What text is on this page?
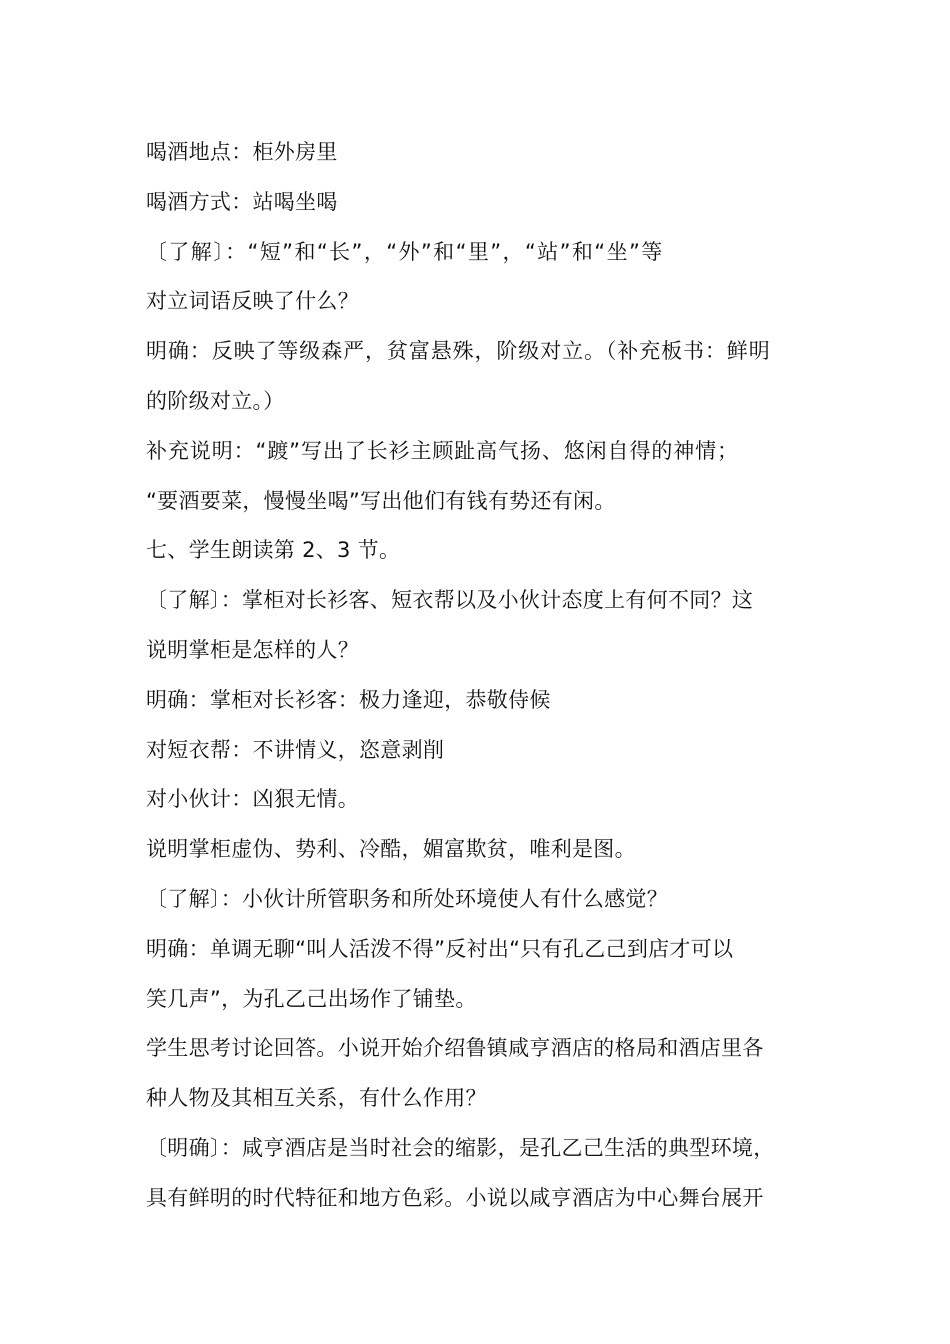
喝酒地点：柜外房里
喝酒方式：站喝坐喝
〔了解〕：“短”和“长”，“外”和“里”，“站”和“坐”等
对立词语反映了什么？
明确：反映了等级森严，贫富悬殊，阶级对立。（补充板书：鲜明
的阶级对立。）
补充说明：“踱”写出了长衫主顾趾高气扬、悠闲自得的神情；
“要酒要菜，慢慢坐喝”写出他们有钱有势还有闲。
七、学生朗读第 2、3 节。
〔了解〕：掌柜对长衫客、短衣帮以及小伙计态度上有何不同？这
说明掌柜是怎样的人？
明确：掌柜对长衫客：极力逢迎，恭敬侍候
对短衣帮：不讲情义，恣意剥削
对小伙计：凶狠无情。
说明掌柜虚伪、势利、冷酷，媚富欺贫，唯利是图。
〔了解〕：小伙计所管职务和所处环境使人有什么感觉？
明确：单调无聊“叫人活泼不得”反衬出“只有孔乙己到店才可以
笑几声”，为孔乙己出场作了铺垫。
学生思考讨论回答。小说开始介绍鲁镇咸亨酒店的格局和酒店里各
种人物及其相互关系，有什么作用？
〔明确〕：咸亨酒店是当时社会的缩影，是孔乙己生活的典型环境，
具有鲜明的时代特征和地方色彩。小说以咸亨酒店为中心舞台展开
